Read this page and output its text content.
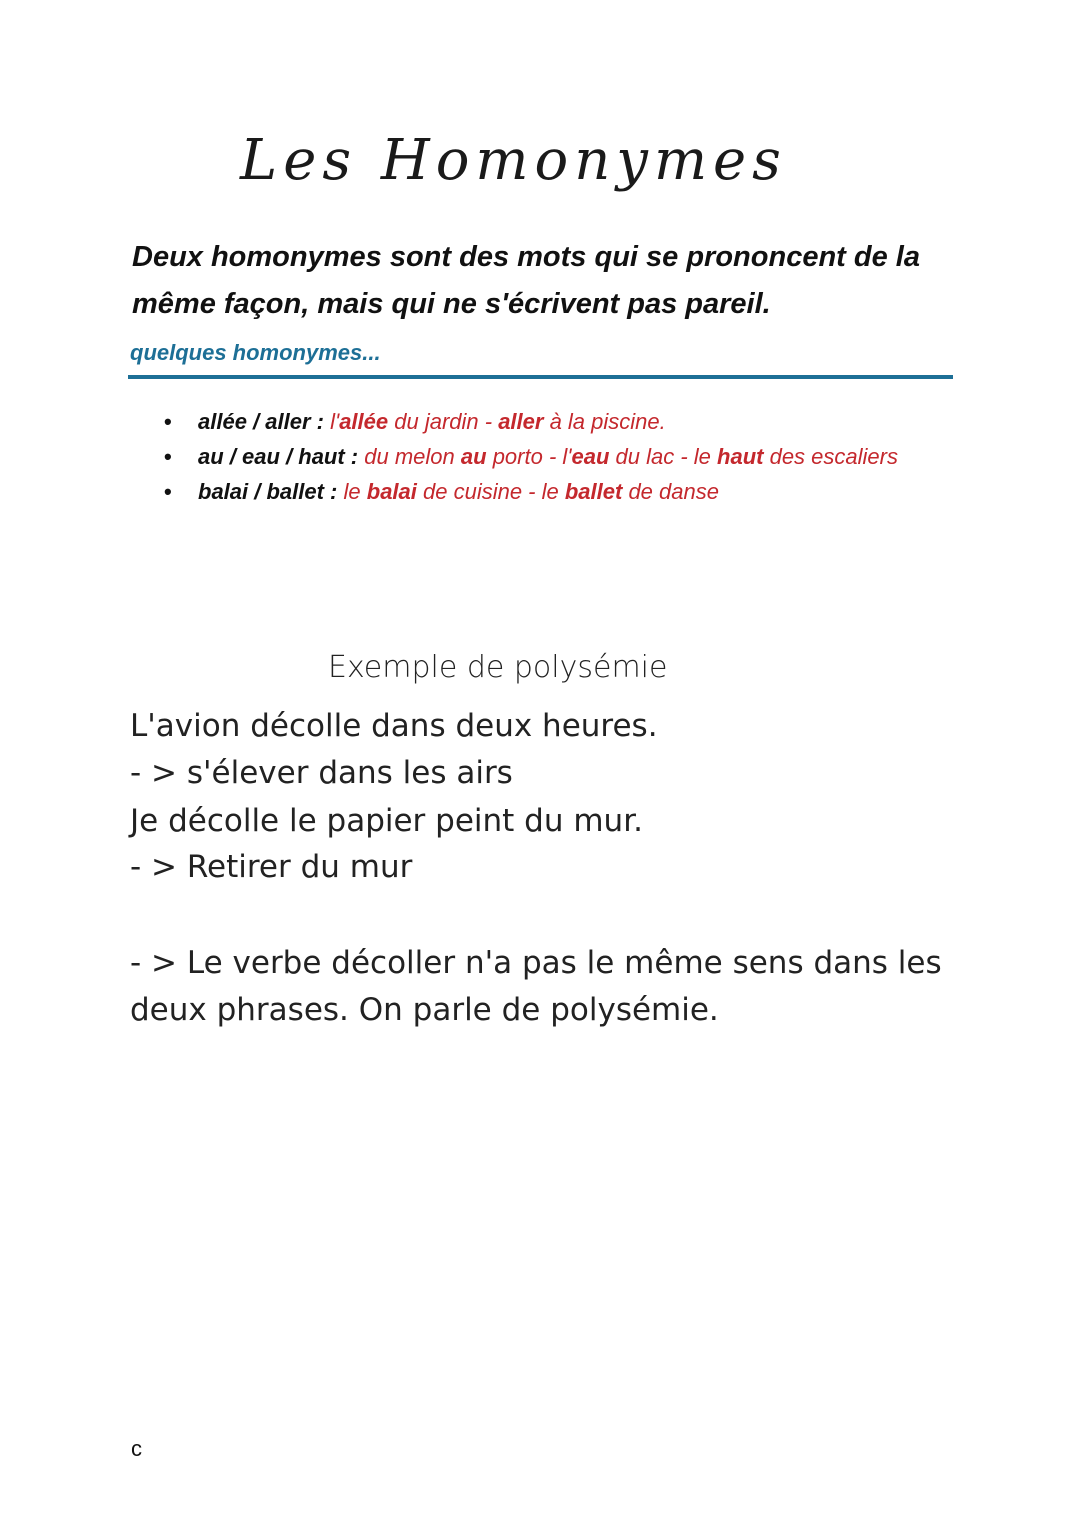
Les Homonymes
Deux homonymes sont des mots qui se prononcent de la même façon, mais qui ne s'écrivent pas pareil.
quelques homonymes...
• allée / aller : l'allée du jardin - aller à la piscine.
• au / eau / haut : du melon au porto - l'eau du lac - le haut des escaliers
• balai / ballet : le balai de cuisine - le ballet de danse
Exemple de polysémie
L'avion décolle dans deux heures.
- > s'élever dans les airs
Je décolle le papier peint du mur.
- > Retirer du mur
- > Le verbe décoller n'a pas le même sens dans les deux phrases. On parle de polysémie.
c
